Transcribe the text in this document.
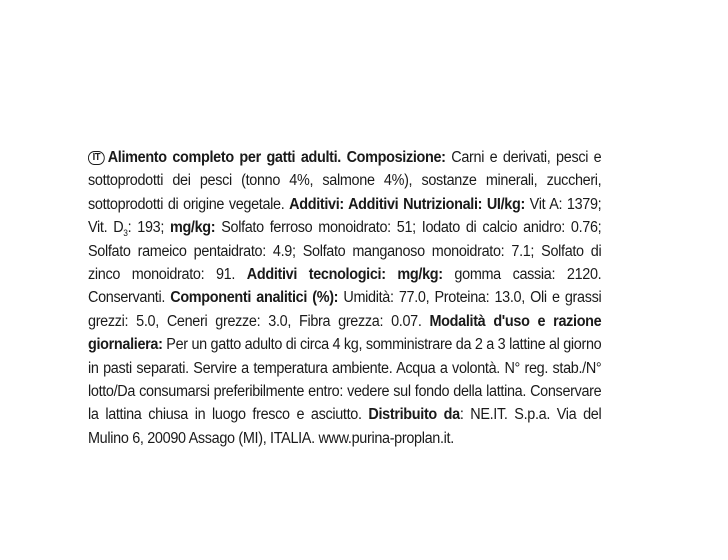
IT Alimento completo per gatti adulti. Composizione: Carni e derivati, pesci e sottoprodotti dei pesci (tonno 4%, salmone 4%), sostanze minerali, zuccheri, sottoprodotti di origine vegetale. Additivi: Additivi Nutrizionali: UI/kg: Vit A: 1379; Vit. $D_3$: 193; mg/kg: Solfato ferroso monoidrato: 51; Iodato di calcio anidro: 0.76; Solfato rameico pentaidrato: 4.9; Solfato manganoso monoidrato: 7.1; Solfato di zinco monoidrato: 91. Additivi tecnologici: mg/kg: gomma cassia: 2120. Conservanti. Componenti analitici (%): Umidità: 77.0, Proteina: 13.0, Oli e grassi grezzi: 5.0, Ceneri grezze: 3.0, Fibra grezza: 0.07. Modalità d'uso e razione giornaliera: Per un gatto adulto di circa 4 kg, somministrare da 2 a 3 lattine al giorno in pasti separati. Servire a temperatura ambiente. Acqua a volontà. N° reg. stab./N° lotto/Da consumarsi preferibilmente entro: vedere sul fondo della lattina. Conservare la lattina chiusa in luogo fresco e asciutto. Distribuito da: NE.IT. S.p.a. Via del Mulino 6, 20090 Assago (MI), ITALIA. www.purina-proplan.it.
